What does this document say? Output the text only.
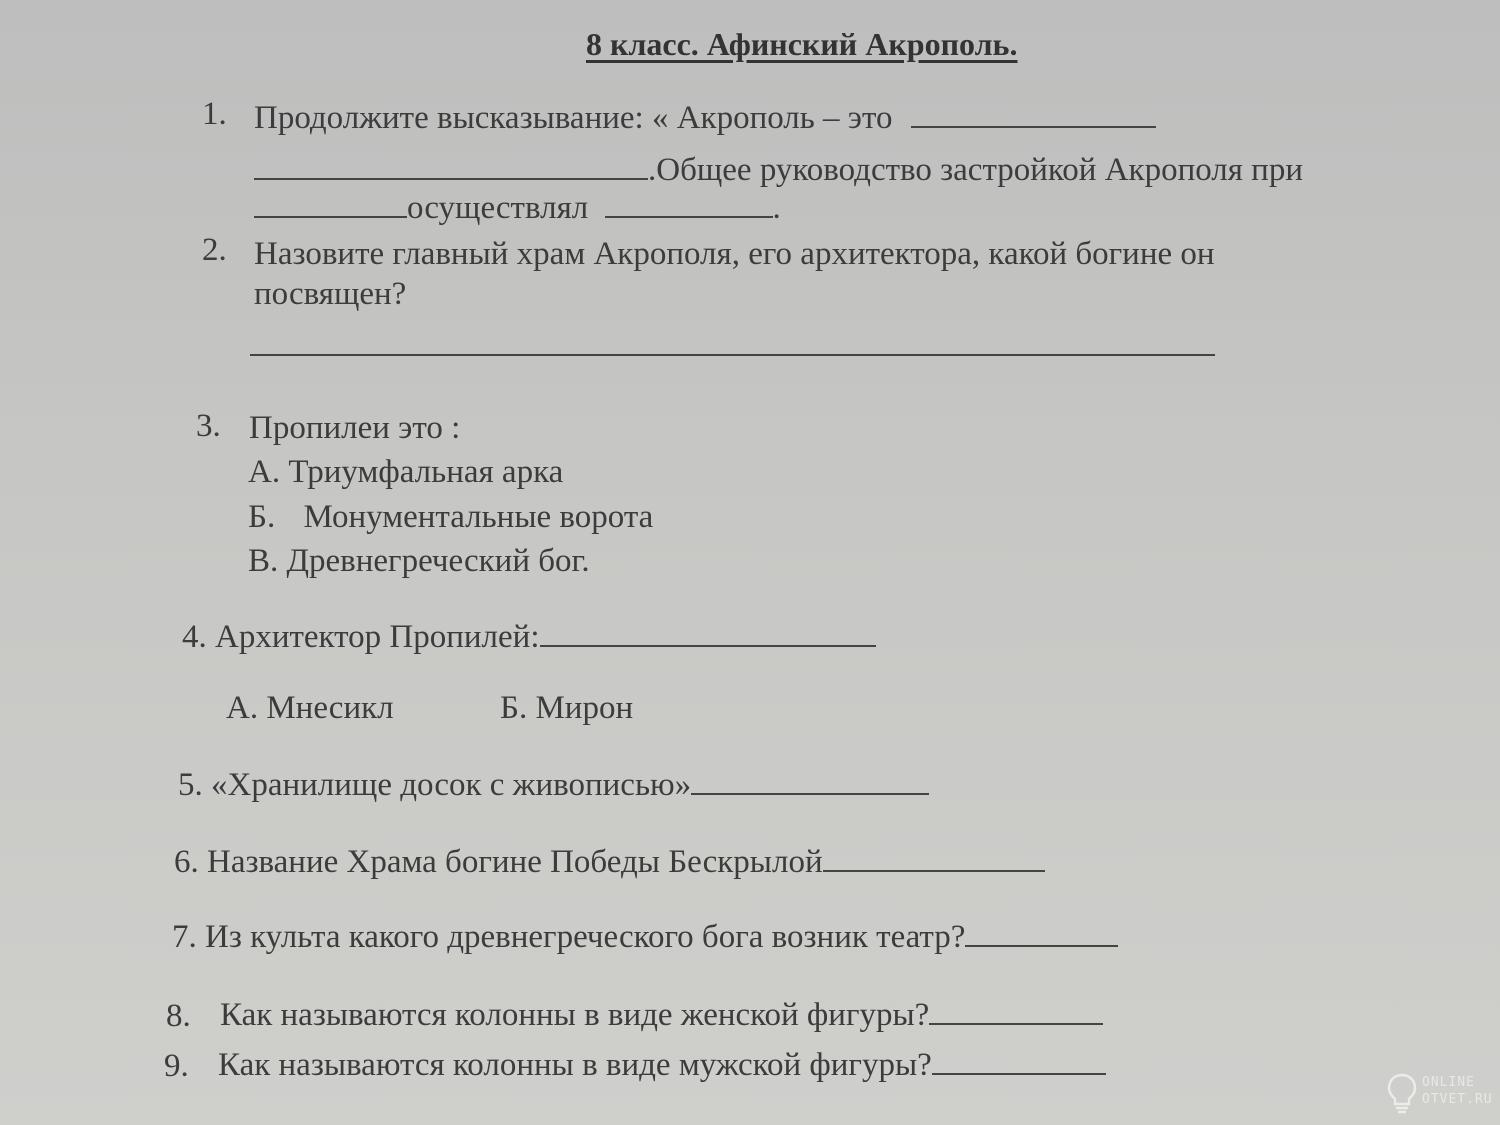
8 класс. Афинский Акрополь.
1. Продолжите высказывание: « Акрополь – это
.Общее руководство застройкой Акрополя при
осуществлял	.
2. Назовите главный храм Акрополя, его архитектора, какой богине он
посвящен?
3. Пропилеи это :
А. Триумфальная арка
Б. Монументальные ворота
В. Древнегреческий бог.
4. Архитектор Пропилей:
А. Мнесикл	Б. Мирон
5. «Хранилище досок с живописью»
6. Название Храма богине Победы Бескрылой
7. Из культа какого древнегреческого бога возник театр?
8. Как называются колонны в виде женской фигуры?
9. Как называются колонны в виде мужской фигуры?	ONLINE
OTVET.RU
